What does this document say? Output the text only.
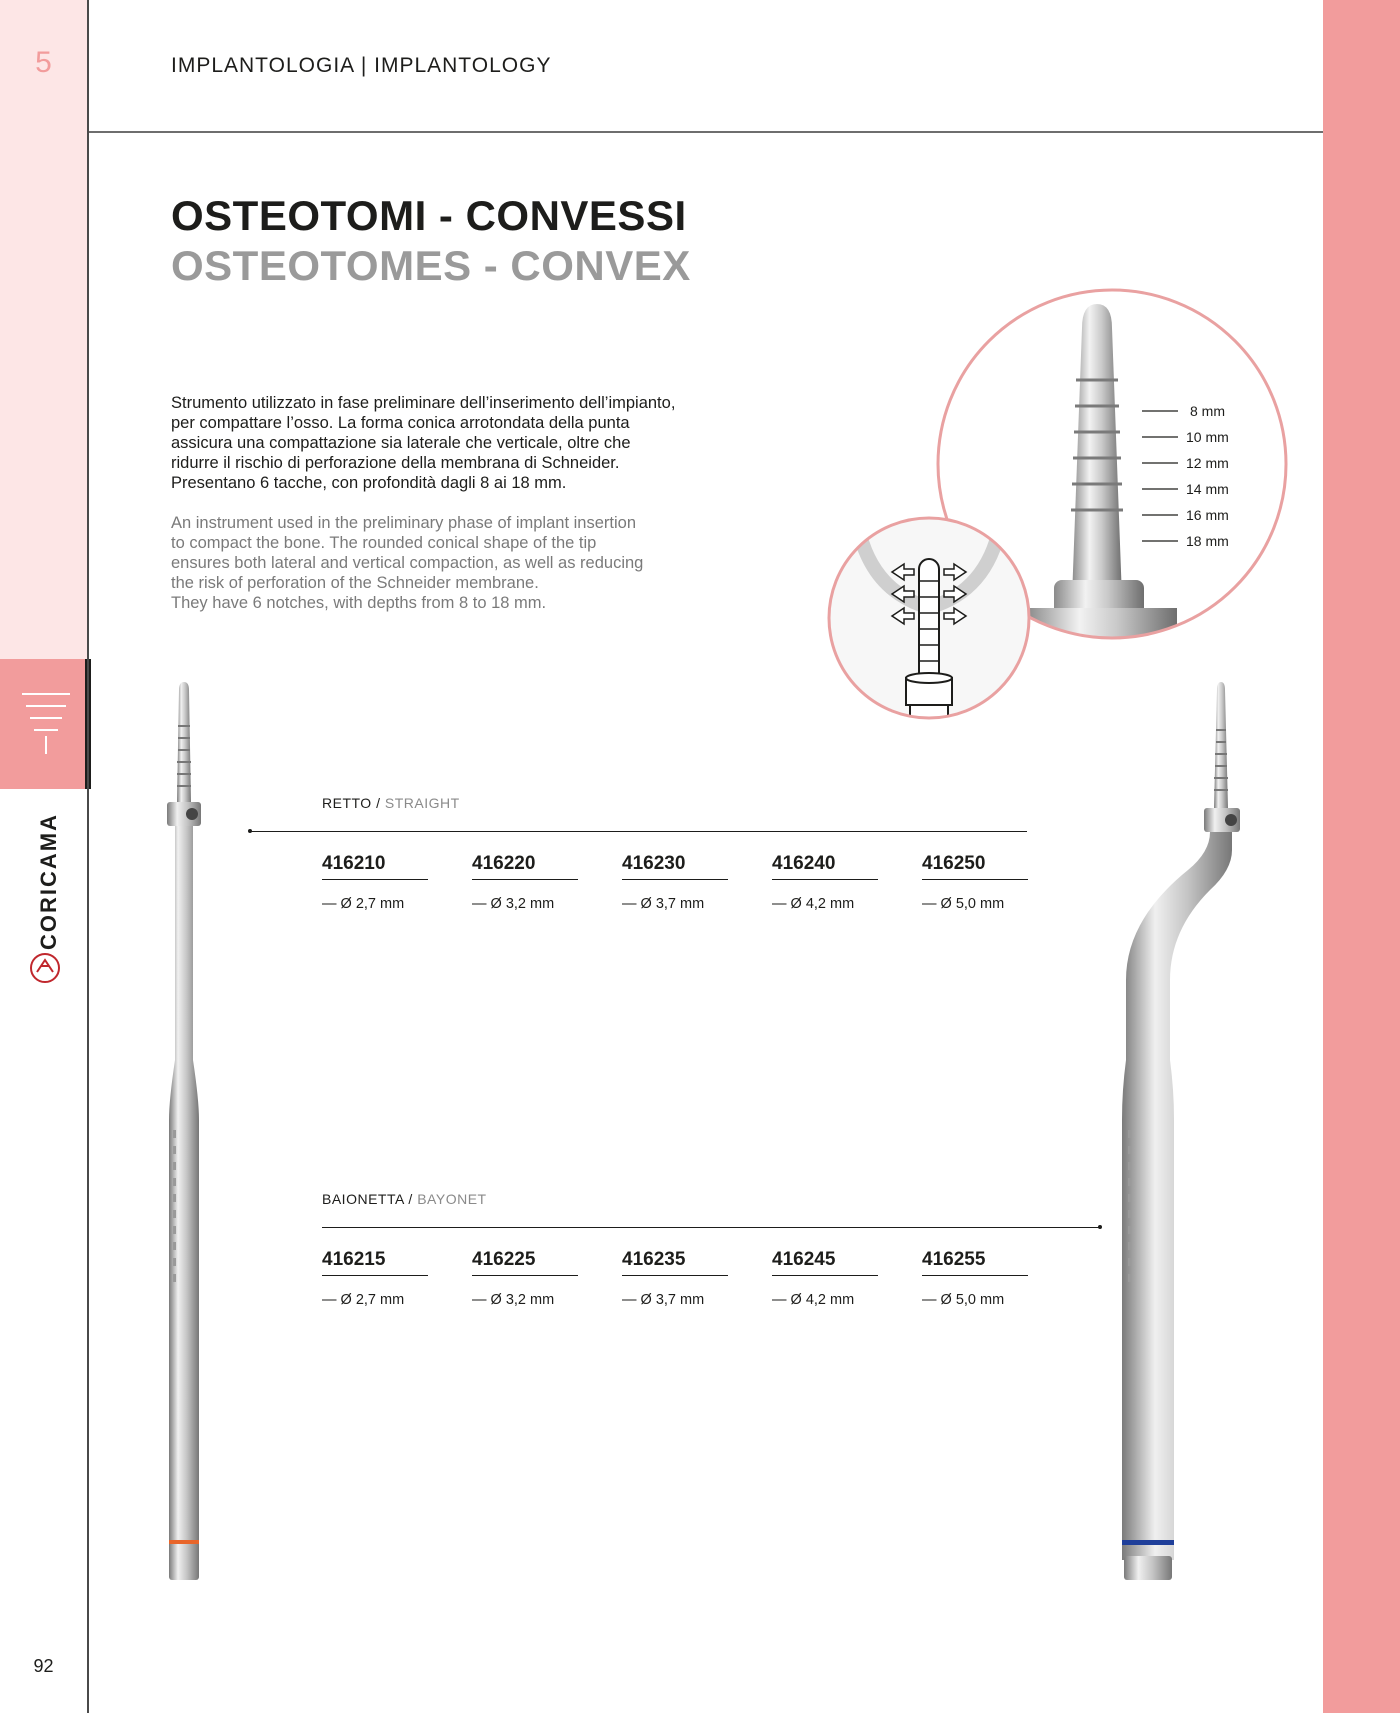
5
CORICAMA
92
IMPLANTOLOGIA | IMPLANTOLOGY
OSTEOTOMI - CONVESSI
OSTEOTOMES - CONVEX

Strumento utilizzato in fase preliminare dell’inserimento dell’impianto,

per compattare l’osso. La forma conica arrotondata della punta

assicura una compattazione sia laterale che verticale, oltre che

ridurre il rischio di perforazione della membrana di Schneider.

Presentano 6 tacche, con profondità dagli 8 ai 18 mm.

An instrument used in the preliminary phase of implant insertion

to compact the bone. The rounded conical shape of the tip

ensures both lateral and vertical compaction, as well as reducing

the risk of perforation of the Schneider membrane.

They have 6 notches, with depths from 8 to 18 mm.

8 mm
10 mm
12 mm
14 mm
16 mm
18 mm
RETTO / STRAIGHT
416210
— Ø 2,7 mm
416220
— Ø 3,2 mm
416230
— Ø 3,7 mm
416240
— Ø 4,2 mm
416250
— Ø 5,0 mm
BAIONETTA / BAYONET
416215
— Ø 2,7 mm
416225
— Ø 3,2 mm
416235
— Ø 3,7 mm
416245
— Ø 4,2 mm
416255
— Ø 5,0 mm
